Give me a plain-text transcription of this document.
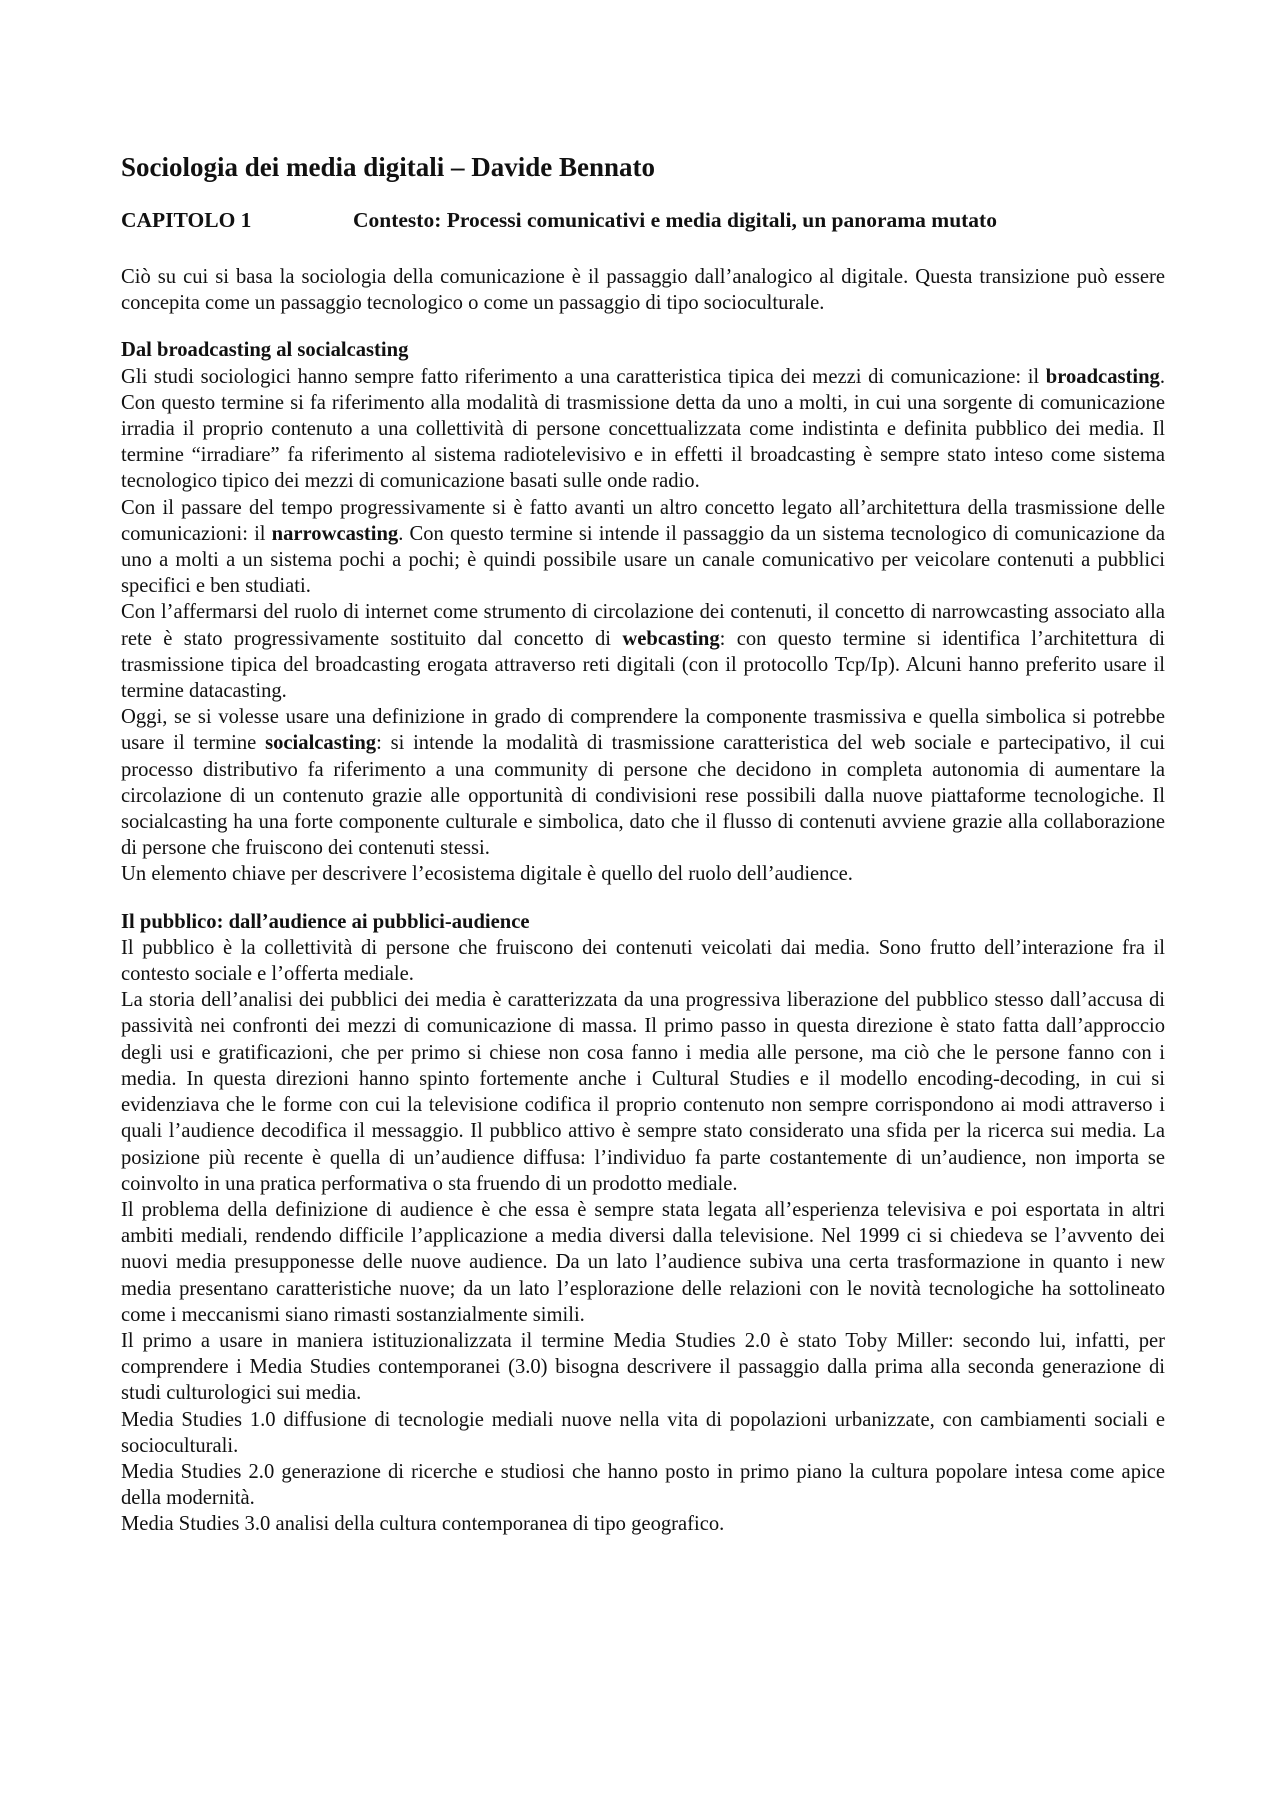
Sociologia dei media digitali – Davide Bennato
CAPITOLO 1	Contesto: Processi comunicativi e media digitali, un panorama mutato

Ciò su cui si basa la sociologia della comunicazione è il passaggio dall’analogico al digitale. Questa transizione può essere concepita come un passaggio tecnologico o come un passaggio di tipo socioculturale.

Dal broadcasting al socialcasting

Gli studi sociologici hanno sempre fatto riferimento a una caratteristica tipica dei mezzi di comunicazione: il broadcasting. Con questo termine si fa riferimento alla modalità di trasmissione detta da uno a molti, in cui una sorgente di comunicazione irradia il proprio contenuto a una collettività di persone concettualizzata come indistinta e definita pubblico dei media. Il termine “irradiare” fa riferimento al sistema radiotelevisivo e in effetti il broadcasting è sempre stato inteso come sistema tecnologico tipico dei mezzi di comunicazione basati sulle onde radio.

Con il passare del tempo progressivamente si è fatto avanti un altro concetto legato all’architettura della trasmissione delle comunicazioni: il narrowcasting. Con questo termine si intende il passaggio da un sistema tecnologico di comunicazione da uno a molti a un sistema pochi a pochi; è quindi possibile usare un canale comunicativo per veicolare contenuti a pubblici specifici e ben studiati.

Con l’affermarsi del ruolo di internet come strumento di circolazione dei contenuti, il concetto di narrowcasting associato alla rete è stato progressivamente sostituito dal concetto di webcasting: con questo termine si identifica l’architettura di trasmissione tipica del broadcasting erogata attraverso reti digitali (con il protocollo Tcp/Ip). Alcuni hanno preferito usare il termine datacasting.

Oggi, se si volesse usare una definizione in grado di comprendere la componente trasmissiva e quella simbolica si potrebbe usare il termine socialcasting: si intende la modalità di trasmissione caratteristica del web sociale e partecipativo, il cui processo distributivo fa riferimento a una community di persone che decidono in completa autonomia di aumentare la circolazione di un contenuto grazie alle opportunità di condivisioni rese possibili dalla nuove piattaforme tecnologiche. Il socialcasting ha una forte componente culturale e simbolica, dato che il flusso di contenuti avviene grazie alla collaborazione di persone che fruiscono dei contenuti stessi.

Un elemento chiave per descrivere l’ecosistema digitale è quello del ruolo dell’audience.

Il pubblico: dall’audience ai pubblici-audience

Il pubblico è la collettività di persone che fruiscono dei contenuti veicolati dai media. Sono frutto dell’interazione fra il contesto sociale e l’offerta mediale.

La storia dell’analisi dei pubblici dei media è caratterizzata da una progressiva liberazione del pubblico stesso dall’accusa di passività nei confronti dei mezzi di comunicazione di massa. Il primo passo in questa direzione è stato fatta dall’approccio degli usi e gratificazioni, che per primo si chiese non cosa fanno i media alle persone, ma ciò che le persone fanno con i media. In questa direzioni hanno spinto fortemente anche i Cultural Studies e il modello encoding-decoding, in cui si evidenziava che le forme con cui la televisione codifica il proprio contenuto non sempre corrispondono ai modi attraverso i quali l’audience decodifica il messaggio. Il pubblico attivo è sempre stato considerato una sfida per la ricerca sui media. La posizione più recente è quella di un’audience diffusa: l’individuo fa parte costantemente di un’audience, non importa se coinvolto in una pratica performativa o sta fruendo di un prodotto mediale.

Il problema della definizione di audience è che essa è sempre stata legata all’esperienza televisiva e poi esportata in altri ambiti mediali, rendendo difficile l’applicazione a media diversi dalla televisione. Nel 1999 ci si chiedeva se l’avvento dei nuovi media presupponesse delle nuove audience. Da un lato l’audience subiva una certa trasformazione in quanto i new media presentano caratteristiche nuove; da un lato l’esplorazione delle relazioni con le novità tecnologiche ha sottolineato come i meccanismi siano rimasti sostanzialmente simili.

Il primo a usare in maniera istituzionalizzata il termine Media Studies 2.0 è stato Toby Miller: secondo lui, infatti, per comprendere i Media Studies contemporanei (3.0) bisogna descrivere il passaggio dalla prima alla seconda generazione di studi culturologici sui media.

Media Studies 1.0 diffusione di tecnologie mediali nuove nella vita di popolazioni urbanizzate, con cambiamenti sociali e socioculturali.

Media Studies 2.0 generazione di ricerche e studiosi che hanno posto in primo piano la cultura popolare intesa come apice della modernità.

Media Studies 3.0 analisi della cultura contemporanea di tipo geografico.
